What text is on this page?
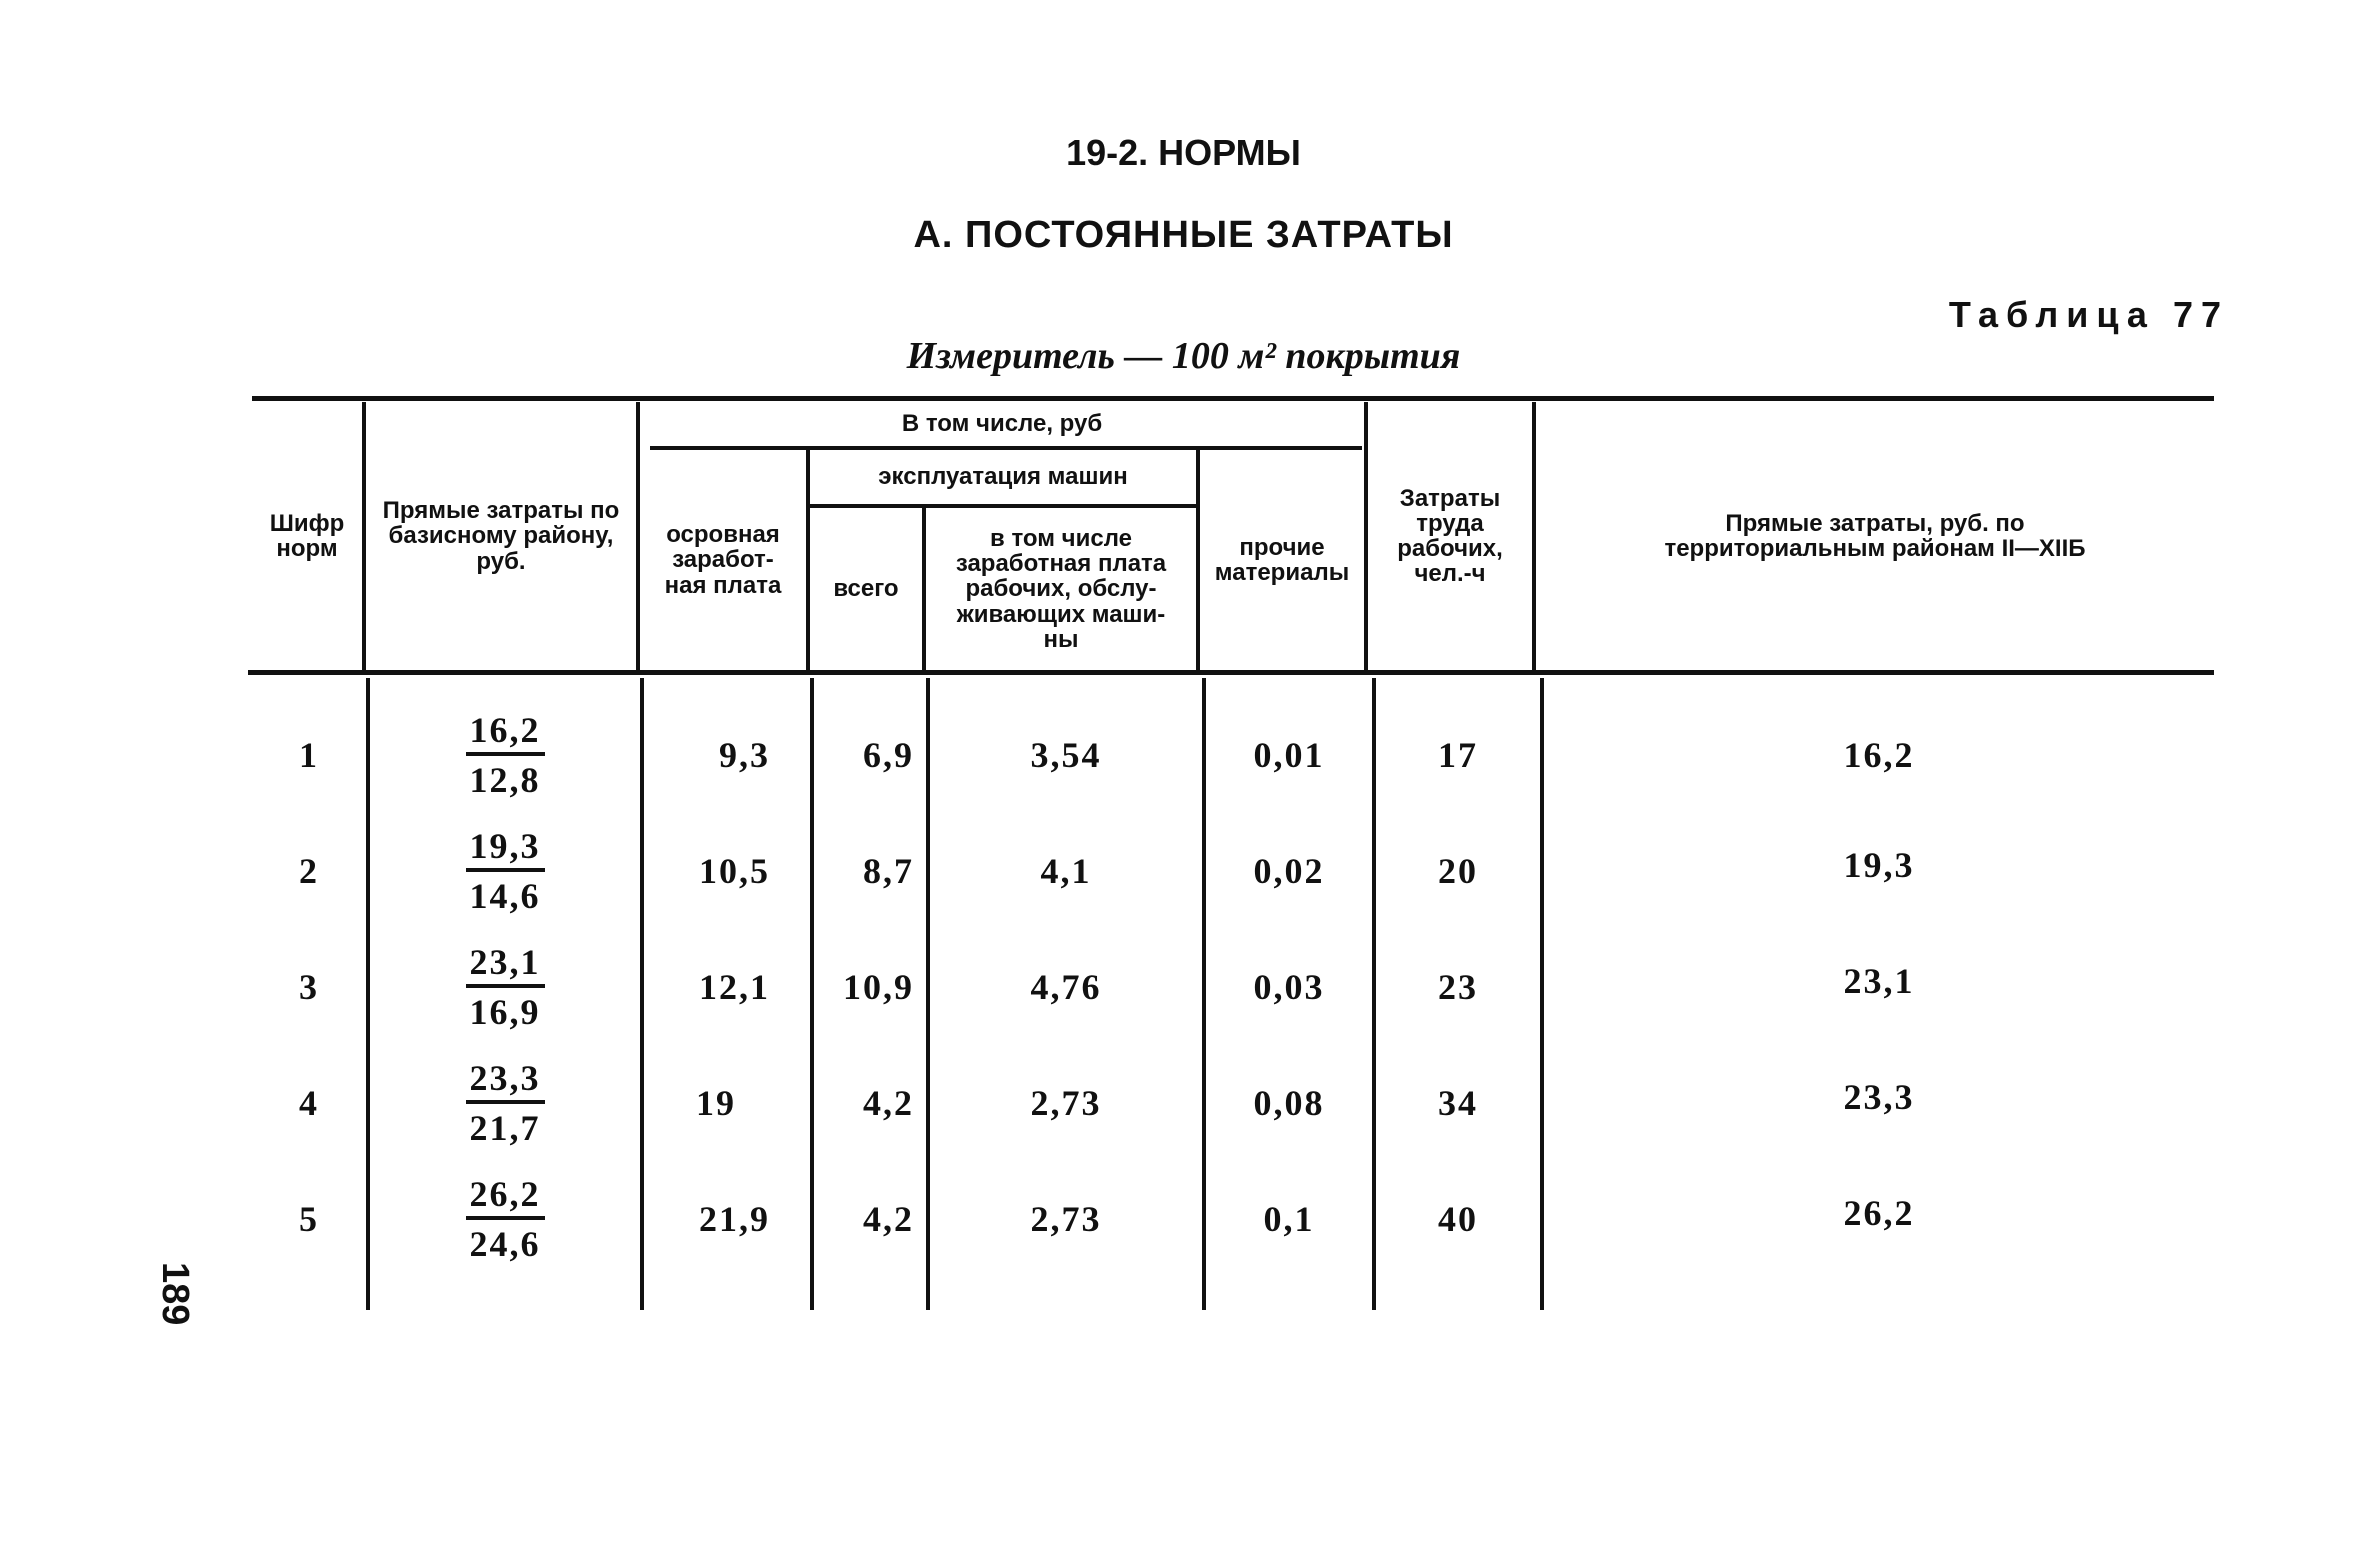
19-2. НОРМЫ
А. ПОСТОЯННЫЕ ЗАТРАТЫ
Таблица 77
Измеритель — 100 м² покрытия
Шифр норм
Прямые затраты по базисному району, руб.
В том числе, руб
осровная заработ-ная плата
эксплуатация машин
всего
в том числе заработная плата рабочих, обслу-живающих маши-ны
прочие материалы
Затраты труда рабочих, чел.-ч
Прямые затраты, руб. по территориальным районам II—XIIБ
1	$\frac{16,2}{12,8}$	9,3	6,9	3,54	0,01	17	16,2
2	$\frac{19,3}{14,6}$	10,5	8,7	4,1	0,02	20	19,3
3	$\frac{23,1}{16,9}$	12,1	10,9	4,76	0,03	23	23,1
4	$\frac{23,3}{21,7}$	19	4,2	2,73	0,08	34	23,3
5	$\frac{26,2}{24,6}$	21,9	4,2	2,73	0,1	40	26,2
189
